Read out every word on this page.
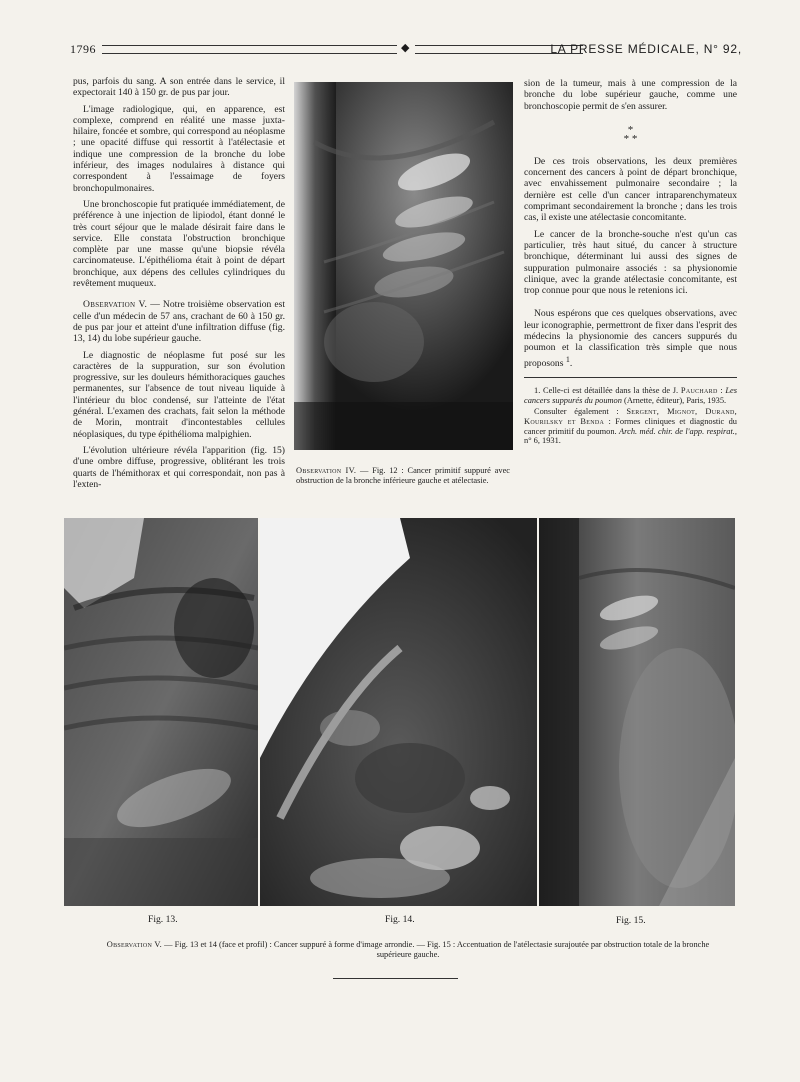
1796	◆	LA PRESSE MÉDICALE, N° 92,

pus, parfois du sang. A son entrée dans le service, il expectorait 140 à 150 gr. de pus par jour.

L'image radiologique, qui, en apparence, est complexe, comprend en réalité une masse juxta-hilaire, foncée et sombre, qui correspond au néoplasme ; une opacité diffuse qui ressortit à l'atélectasie et indique une compression de la bronche du lobe inférieur, des images nodulaires à distance qui correspondent à l'essaimage de foyers bronchopulmonaires.

Une bronchoscopie fut pratiquée immédiatement, de préférence à une injection de lipiodol, étant donné le très court séjour que le malade désirait faire dans le service. Elle constata l'obstruction bronchique complète par une masse qu'une biopsie révéla carcinomateuse. L'épithélioma était à point de départ bronchique, aux dépens des cellules cylindriques du revêtement muqueux.

Observation V. — Notre troisième observation est celle d'un médecin de 57 ans, crachant de 60 à 150 gr. de pus par jour et atteint d'une infiltration diffuse (fig. 13, 14) du lobe supérieur gauche.

Le diagnostic de néoplasme fut posé sur les caractères de la suppuration, sur son évolution progressive, sur les douleurs hémithoraciques gauches permanentes, sur l'absence de tout niveau liquide à l'intérieur du bloc condensé, sur l'atteinte de l'état général. L'examen des crachats, fait selon la méthode de Morin, montrait d'incontestables cellules néoplasiques, du type épithélioma malpighien.

L'évolution ultérieure révéla l'apparition (fig. 15) d'une ombre diffuse, progressive, oblitérant les trois quarts de l'hémithorax et qui correspondait, non pas à l'exten-

Observation IV. — Fig. 12 : Cancer primitif suppuré avec obstruction de la bronche inférieure gauche et atélectasie.

sion de la tumeur, mais à une compression de la bronche du lobe supérieur gauche, comme une bronchoscopie permit de s'en assurer.

*
* *

De ces trois observations, les deux premières concernent des cancers à point de départ bronchique, avec envahissement pulmonaire secondaire ; la dernière est celle d'un cancer intraparenchymateux comprimant secondairement la bronche ; dans les trois cas, il existe une atélectasie concomitante.

Le cancer de la bronche-souche n'est qu'un cas particulier, très haut situé, du cancer à structure bronchique, déterminant lui aussi des signes de suppuration pulmonaire associés : sa physionomie clinique, avec la grande atélectasie concomitante, est trop connue pour que nous le retenions ici.

Nous espérons que ces quelques observations, avec leur iconographie, permettront de fixer dans l'esprit des médecins la physionomie des cancers suppurés du poumon et la classification très simple que nous proposons $^1$.

1. Celle-ci est détaillée dans la thèse de J. Pauchard : Les cancers suppurés du poumon (Arnette, éditeur), Paris, 1935.

Consulter également : Sergent, Mignot, Durand, Kourilsky et Benda : Formes cliniques et diagnostic du cancer primitif du poumon. Arch. méd. chir. de l'app. respirat., n° 6, 1931.

Fig. 13.	Fig. 14.	Fig. 15.
Observation V. — Fig. 13 et 14 (face et profil) : Cancer suppuré à forme d'image arrondie. — Fig. 15 : Accentuation de l'atélectasie surajoutée par obstruction totale de la bronche supérieure gauche.
